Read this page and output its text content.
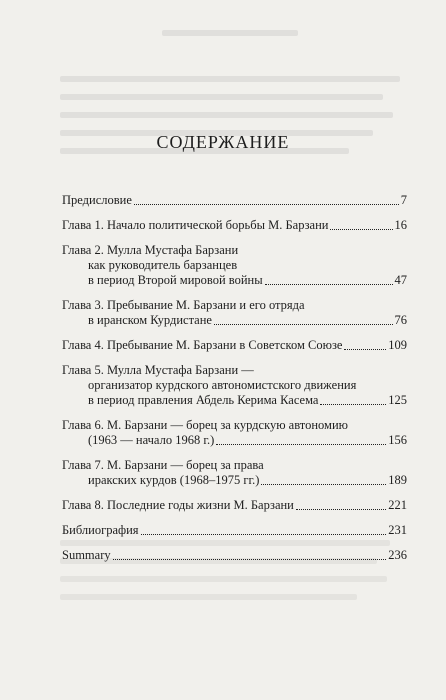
СОДЕРЖАНИЕ
Предисловие	7
Глава 1. Начало политической борьбы М. Барзани	16
Глава 2. Мулла Мустафа Барзани
как руководитель барзанцев
в период Второй мировой войны	47
Глава 3. Пребывание М. Барзани и его отряда
в иранском Курдистане	76
Глава 4. Пребывание М. Барзани в Советском Союзе	109
Глава 5. Мулла Мустафа Барзани —
организатор курдского автономистского движения
в период правления Абдель Керима Касема	125
Глава 6. М. Барзани — борец за курдскую автономию
(1963 — начало 1968 г.)	156
Глава 7. М. Барзани — борец за права
иракских курдов (1968–1975 гг.)	189
Глава 8. Последние годы жизни М. Барзани	221
Библиография	231
Summary	236
